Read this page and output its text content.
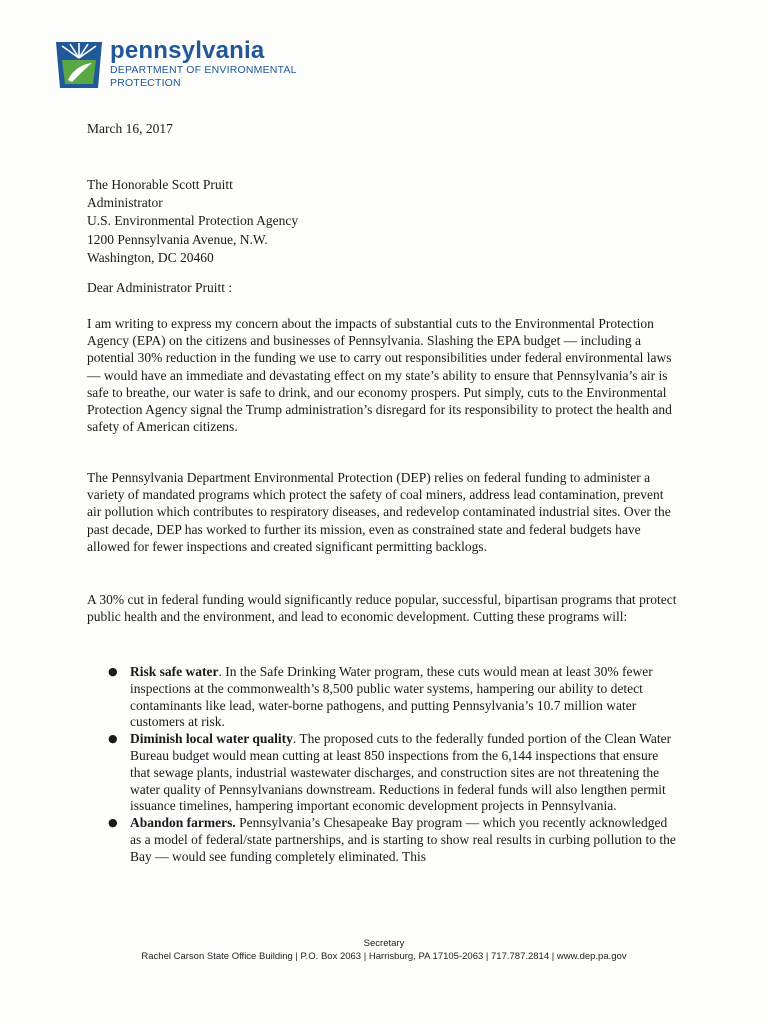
pennsylvania
DEPARTMENT OF ENVIRONMENTAL PROTECTION
March 16, 2017
The Honorable Scott Pruitt
Administrator
U.S. Environmental Protection Agency
1200 Pennsylvania Avenue, N.W.
Washington, DC 20460
Dear Administrator Pruitt :
I am writing to express my concern about the impacts of substantial cuts to the Environmental Protection Agency (EPA) on the citizens and businesses of Pennsylvania. Slashing the EPA budget — including a potential 30% reduction in the funding we use to carry out responsibilities under federal environmental laws — would have an immediate and devastating effect on my state’s ability to ensure that Pennsylvania’s air is safe to breathe, our water is safe to drink, and our economy prospers. Put simply, cuts to the Environmental Protection Agency signal the Trump administration’s disregard for its responsibility to protect the health and safety of American citizens.
The Pennsylvania Department Environmental Protection (DEP) relies on federal funding to administer a variety of mandated programs which protect the safety of coal miners, address lead contamination, prevent air pollution which contributes to respiratory diseases, and redevelop contaminated industrial sites. Over the past decade, DEP has worked to further its mission, even as constrained state and federal budgets have allowed for fewer inspections and created significant permitting backlogs.
A 30% cut in federal funding would significantly reduce popular, successful, bipartisan programs that protect public health and the environment, and lead to economic development. Cutting these programs will:
● Risk safe water. In the Safe Drinking Water program, these cuts would mean at least 30% fewer inspections at the commonwealth’s 8,500 public water systems, hampering our ability to detect contaminants like lead, water-borne pathogens, and putting Pennsylvania’s 10.7 million water customers at risk.
● Diminish local water quality. The proposed cuts to the federally funded portion of the Clean Water Bureau budget would mean cutting at least 850 inspections from the 6,144 inspections that ensure that sewage plants, industrial wastewater discharges, and construction sites are not threatening the water quality of Pennsylvanians downstream. Reductions in federal funds will also lengthen permit issuance timelines, hampering important economic development projects in Pennsylvania.
● Abandon farmers. Pennsylvania’s Chesapeake Bay program — which you recently acknowledged as a model of federal/state partnerships, and is starting to show real results in curbing pollution to the Bay — would see funding completely eliminated. This
Secretary
Rachel Carson State Office Building | P.O. Box 2063 | Harrisburg, PA 17105-2063 | 717.787.2814 | www.dep.pa.gov
